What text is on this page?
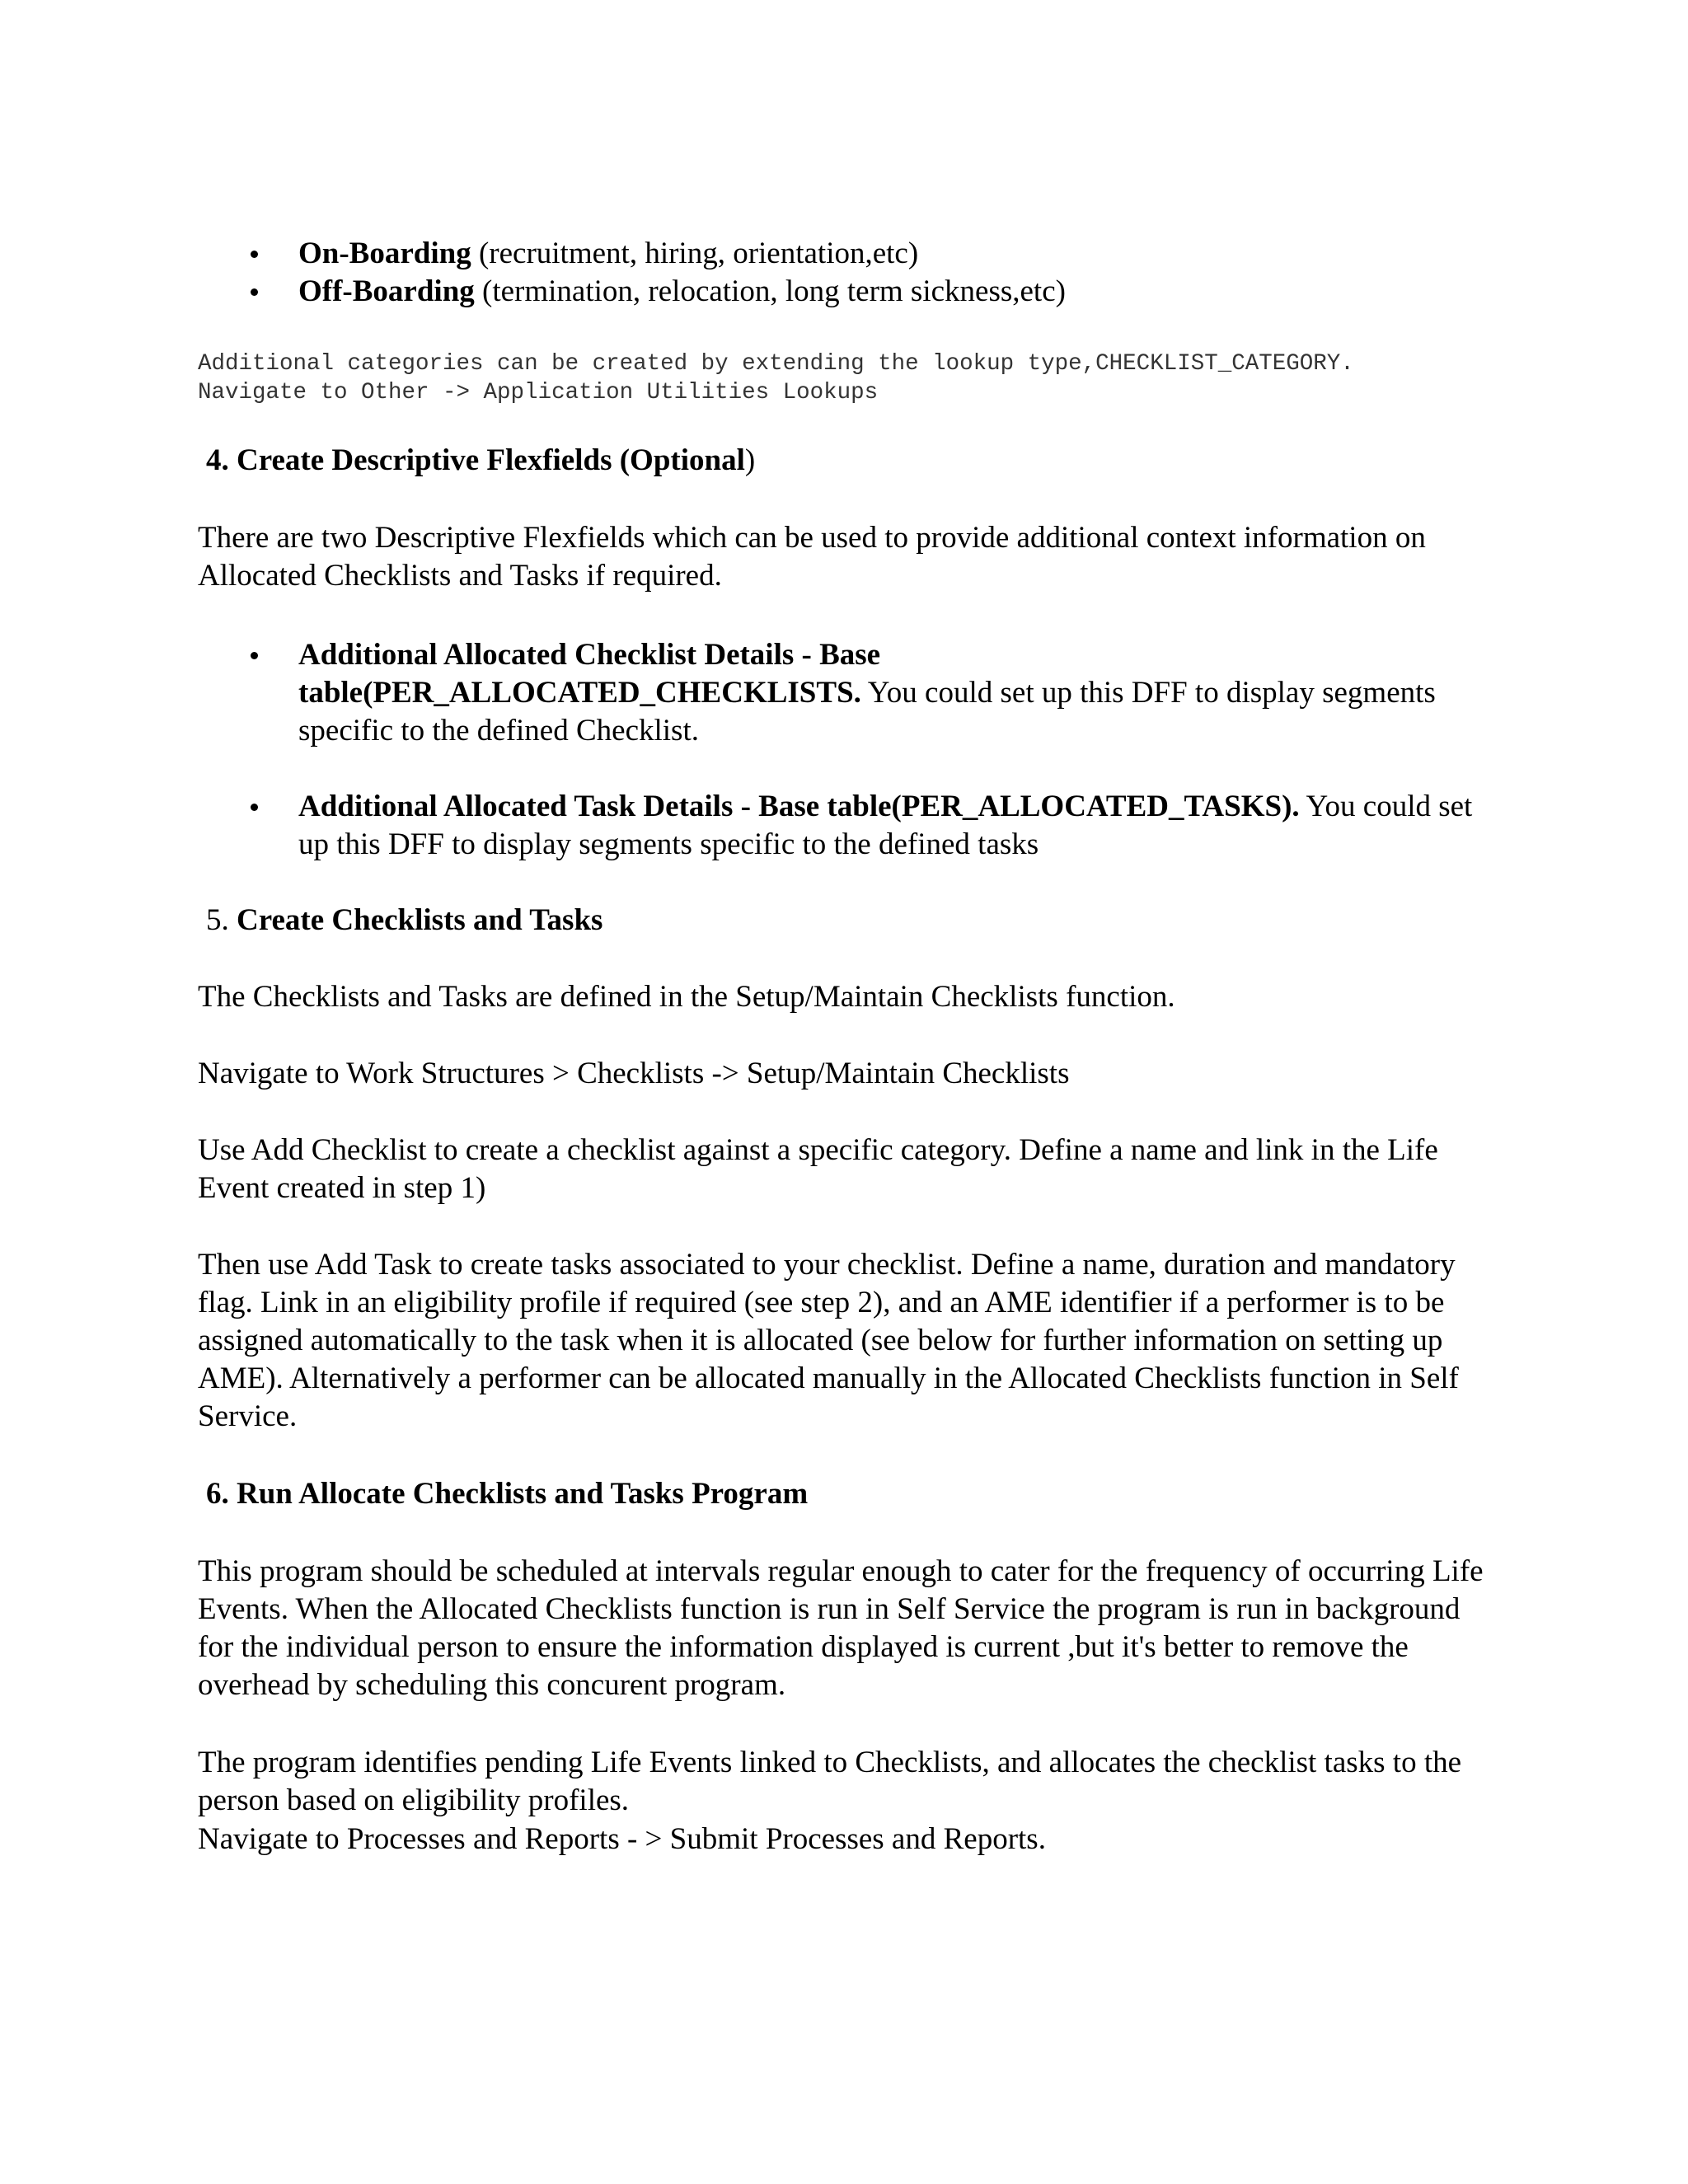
On-Boarding (recruitment, hiring, orientation,etc)
Off-Boarding (termination, relocation, long term sickness,etc)

Additional categories can be created by extending the lookup type,CHECKLIST_CATEGORY.

Navigate to Other -> Application Utilities Lookups

4. Create Descriptive Flexfields (Optional)

There are two Descriptive Flexfields which can be used to provide additional context information on Allocated Checklists and Tasks if required.

Additional Allocated Checklist Details - Base table(PER_ALLOCATED_CHECKLISTS. You could set up this DFF to display segments specific to the defined Checklist.
Additional Allocated Task Details - Base table(PER_ALLOCATED_TASKS). You could set up this DFF to display segments specific to the defined tasks
5. Create Checklists and Tasks

The Checklists and Tasks are defined in the Setup/Maintain Checklists function.

Navigate to Work Structures > Checklists -> Setup/Maintain Checklists

Use Add Checklist to create a checklist against a specific category. Define a name and link in the Life Event created in step 1)

Then use Add Task to create tasks associated to your checklist. Define a name, duration and mandatory flag. Link in an eligibility profile if required (see step 2), and an AME identifier if a performer is to be assigned automatically to the task when it is allocated (see below for further information on setting up AME). Alternatively a performer can be allocated manually in the Allocated Checklists function in Self Service.

6. Run Allocate Checklists and Tasks Program

This program should be scheduled at intervals regular enough to cater for the frequency of occurring Life Events. When the Allocated Checklists function is run in Self Service the program is run in background for the individual person to ensure the information displayed is current ,but it's better to remove the overhead by scheduling this concurent program.

The program identifies pending Life Events linked to Checklists, and allocates the checklist tasks to the person based on eligibility profiles.

Navigate to Processes and Reports - > Submit Processes and Reports.
